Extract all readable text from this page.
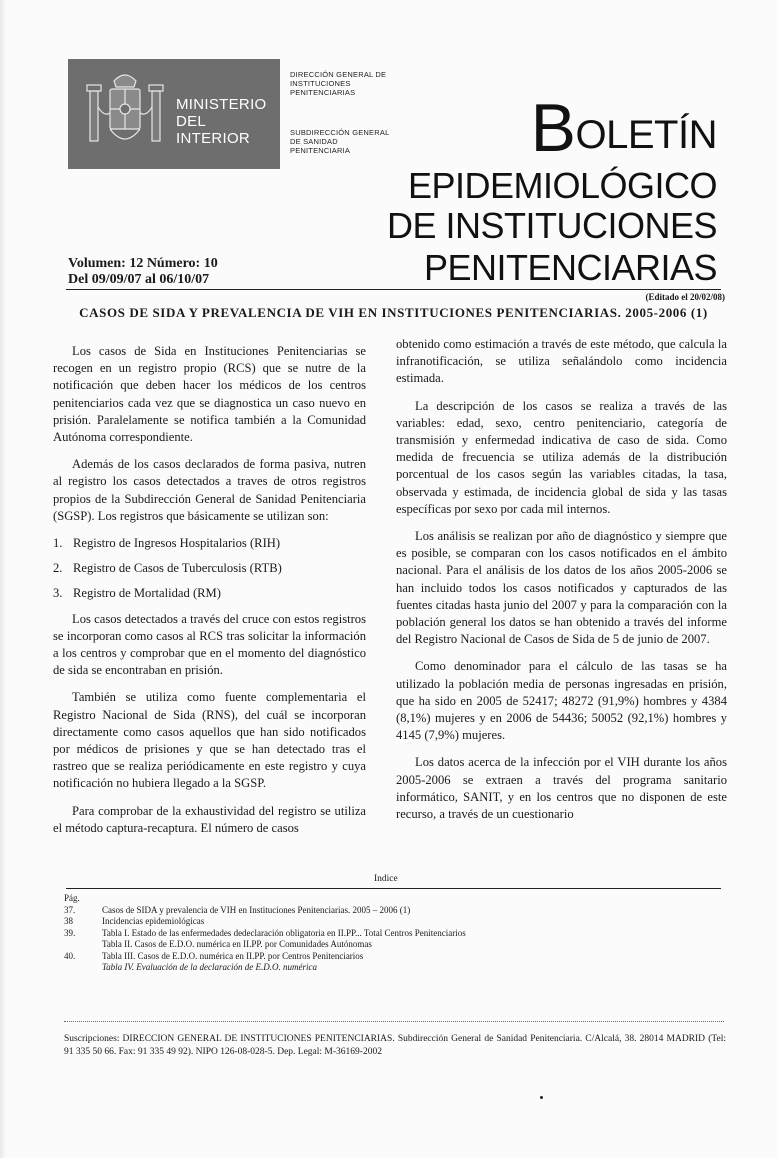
MINISTERIO
DEL INTERIOR
DIRECCIÓN GENERAL DE
INSTITUCIONES
PENITENCIARIAS
SUBDIRECCIÓN GENERAL
DE SANIDAD
PENITENCIARIA	BOLETÍN
EPIDEMIOLÓGICO
DE INSTITUCIONES
PENITENCIARIAS
Volumen: 12 Número: 10
Del 09/09/07 al 06/10/07
(Editado el 20/02/08)
CASOS DE SIDA Y PREVALENCIA DE VIH EN INSTITUCIONES PENITENCIARIAS. 2005-2006 (1)

Los casos de Sida en Instituciones Penitenciarias se recogen en un registro propio (RCS) que se nutre de la notificación que deben hacer los médicos de los centros penitenciarios cada vez que se diagnostica un caso nuevo en prisión. Paralelamente se notifica también a la Comunidad Autónoma correspondiente.

Además de los casos declarados de forma pasiva, nutren al registro los casos detectados a traves de otros registros propios de la Subdirección General de Sanidad Penitenciaria (SGSP). Los registros que básicamente se utilizan son:

1. Registro de Ingresos Hospitalarios (RIH)
2. Registro de Casos de Tuberculosis (RTB)
3. Registro de Mortalidad (RM)

Los casos detectados a través del cruce con estos registros se incorporan como casos al RCS tras solicitar la información a los centros y comprobar que en el momento del diagnóstico de sida se encontraban en prisión.

También se utiliza como fuente complementaria el Registro Nacional de Sida (RNS), del cuál se incorporan directamente como casos aquellos que han sido notificados por médicos de prisiones y que se han detectado tras el rastreo que se realiza periódicamente en este registro y cuya notificación no hubiera llegado a la SGSP.

Para comprobar de la exhaustividad del registro se utiliza el método captura-recaptura. El número de casos

obtenido como estimación a través de este método, que calcula la infranotificación, se utiliza señalándolo como incidencia estimada.

La descripción de los casos se realiza a través de las variables: edad, sexo, centro penitenciario, categoría de transmisión y enfermedad indicativa de caso de sida. Como medida de frecuencia se utiliza además de la distribución porcentual de los casos según las variables citadas, la tasa, observada y estimada, de incidencia global de sida y las tasas específicas por sexo por cada mil internos.

Los análisis se realizan por año de diagnóstico y siempre que es posible, se comparan con los casos notificados en el ámbito nacional. Para el análisis de los datos de los años 2005-2006 se han incluido todos los casos notificados y capturados de las fuentes citadas hasta junio del 2007 y para la comparación con la población general los datos se han obtenido a través del informe del Registro Nacional de Casos de Sida de 5 de junio de 2007.

Como denominador para el cálculo de las tasas se ha utilizado la población media de personas ingresadas en prisión, que ha sido en 2005 de 52417; 48272 (91,9%) hombres y 4384 (8,1%) mujeres y en 2006 de 54436; 50052 (92,1%) hombres y 4145 (7,9%) mujeres.

Los datos acerca de la infección por el VIH durante los años 2005-2006 se extraen a través del programa sanitario informático, SANIT, y en los centros que no disponen de este recurso, a través de un cuestionario

Indice
Pág.
37.	Casos de SIDA y prevalencia de VIH en Instituciones Penitenciarias. 2005 – 2006 (1)
38	Incidencias epidemiológicas
39.	Tabla I. Estado de las enfermedades dedeclaración obligatoria en II.PP... Total Centros Penitenciarios
Tabla II. Casos de E.D.O. numérica en II.PP. por Comunidades Autónomas
40.	Tabla III. Casos de E.D.O. numérica en II.PP. por Centros Penitenciarios
Tabla IV. Evaluación de la declaración de E.D.O. numérica
Suscripciones: DIRECCION GENERAL DE INSTITUCIONES PENITENCIARIAS. Subdirección General de Sanidad Penitenciaria. C/Alcalá, 38. 28014 MADRID (Tel: 91 335 50 66. Fax: 91 335 49 92). NIPO 126-08-028-5. Dep. Legal: M-36169-2002
